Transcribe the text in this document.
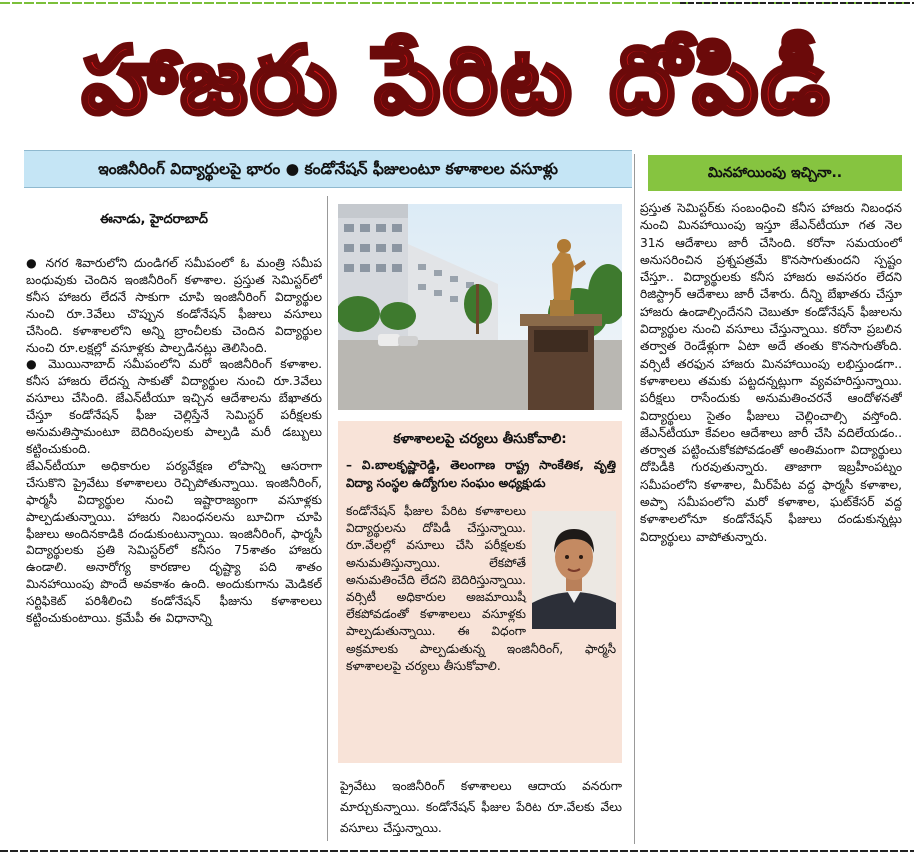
హాజరు పేరిట దోపిడీ
ఇంజినీరింగ్ విద్యార్థులపై భారం ● కండోనేషన్ ఫీజులంటూ కళాశాలల వసూళ్లు
ఈనాడు, హైదరాబాద్

● నగర శివారులోని దుండిగల్ సమీపంలో ఓ మంత్రి సమీప బంధువుకు చెందిన ఇంజినీరింగ్ కళాశాల. ప్రస్తుత సెమిస్టర్‌లో కనీస హాజరు లేదనే సాకుగా చూపి ఇంజినీరింగ్ విద్యార్థుల నుంచి రూ.3వేలు చొప్పున కండోనేషన్ ఫీజులు వసూలు చేసింది. కళాశాలలోని అన్ని బ్రాంచీలకు చెందిన విద్యార్థుల నుంచి రూ.లక్షల్లో వసూళ్లకు పాల్పడినట్లు తెలిసింది.

● మొయినాబాద్ సమీపంలోని మరో ఇంజినీరింగ్ కళాశాల. కనీస హాజరు లేదన్న సాకుతో విద్యార్థుల నుంచి రూ.3వేలు వసూలు చేసింది. జేఎన్‌టీయూ ఇచ్చిన ఆదేశాలను బేఖాతరు చేస్తూ కండోనేషన్ ఫీజు చెల్లిస్తేనే సెమిస్టర్ పరీక్షలకు అనుమతిస్తామంటూ బెదిరింపులకు పాల్పడి మరీ డబ్బులు కట్టించుకుంది.

జేఎన్‌టీయూ అధికారుల పర్యవేక్షణ లోపాన్ని ఆసరాగా చేసుకొని ప్రైవేటు కళాశాలలు రెచ్చిపోతున్నాయి. ఇంజినీరింగ్, ఫార్మసీ విద్యార్థుల నుంచి ఇష్టారాజ్యంగా వసూళ్లకు పాల్పడుతున్నాయి. హాజరు నిబంధనలను బూచిగా చూపి ఫీజులు అందినకాడికి దండుకుంటున్నాయి. ఇంజినీరింగ్, ఫార్మసీ విద్యార్థులకు ప్రతి సెమిస్టర్‌లో కనీసం 75శాతం హాజరు ఉండాలి. అనారోగ్య కారణాల దృష్ట్యా పది శాతం మినహాయింపు పొందే అవకాశం ఉంది. అందుకుగాను మెడికల్ సర్టిఫికెట్ పరిశీలించి కండోనేషన్ ఫీజును కళాశాలలు కట్టించుకుంటాయి. క్రమేపీ ఈ విధానాన్ని

కళాశాలలపై చర్యలు తీసుకోవాలి:
– వి.బాలకృష్ణారెడ్డి, తెలంగాణ రాష్ట్ర సాంకేతిక, వృత్తి విద్యా సంస్థల ఉద్యోగుల సంఘం అధ్యక్షుడు
కండోనేషన్ ఫీజుల పేరిట కళాశాలలు విద్యార్థులను దోపిడీ చేస్తున్నాయి. రూ.వేలల్లో వసూలు చేసి పరీక్షలకు అనుమతిస్తున్నాయి. లేకపోతే అనుమతించేది లేదని బెదిరిస్తున్నాయి. వర్సిటీ అధికారుల అజమాయిషీ లేకపోవడంతో కళాశాలలు వసూళ్లకు పాల్పడుతున్నాయి. ఈ విధంగా అక్రమాలకు పాల్పడుతున్న ఇంజినీరింగ్, ఫార్మసీ కళాశాలలపై చర్యలు తీసుకోవాలి.
ప్రైవేటు ఇంజినీరింగ్ కళాశాలలు ఆదాయ వనరుగా మార్చుకున్నాయి. కండోనేషన్ ఫీజుల పేరిట రూ.వేలకు వేలు వసూలు చేస్తున్నాయి.
మినహాయింపు ఇచ్చినా..

ప్రస్తుత సెమిస్టర్‌కు సంబంధించి కనీస హాజరు నిబంధన నుంచి మినహాయింపు ఇస్తూ జేఎన్‌టీయూ గత నెల 31న ఆదేశాలు జారీ చేసింది. కరోనా సమయంలో అనుసరించిన ప్రశ్నపత్రమే కొనసాగుతుందని స్పష్టం చేస్తూ.. విద్యార్థులకు కనీస హాజరు అవసరం లేదని రిజిస్ట్రార్ ఆదేశాలు జారీ చేశారు. దీన్ని బేఖాతరు చేస్తూ హాజరు ఉండాల్సిందేనని చెబుతూ కండోనేషన్ ఫీజులను విద్యార్థుల నుంచి వసూలు చేస్తున్నాయి. కరోనా ప్రబలిన తర్వాత రెండేళ్లుగా ఏటా అదే తంతు కొనసాగుతోంది. వర్సిటీ తరఫున హాజరు మినహాయింపు లభిస్తుండగా.. కళాశాలలు తమకు పట్టదన్నట్లుగా వ్యవహరిస్తున్నాయి. పరీక్షలు రాసేందుకు అనుమతించరనే ఆందోళనతో విద్యార్థులు సైతం ఫీజులు చెల్లించాల్సి వస్తోంది. జేఎన్‌టీయూ కేవలం ఆదేశాలు జారీ చేసి వదిలేయడం.. తర్వాత పట్టించుకోకపోవడంతో అంతిమంగా విద్యార్థులు దోపిడీకి గురవుతున్నారు. తాజాగా ఇబ్రహీంపట్నం సమీపంలోని కళాశాల, మీర్‌పేట వద్ద ఫార్మసీ కళాశాల, అప్పా సమీపంలోని మరో కళాశాల, ఘట్‌కేసర్ వద్ద కళాశాలలోనూ కండోనేషన్ ఫీజులు దండుకున్నట్లు విద్యార్థులు వాపోతున్నారు.
